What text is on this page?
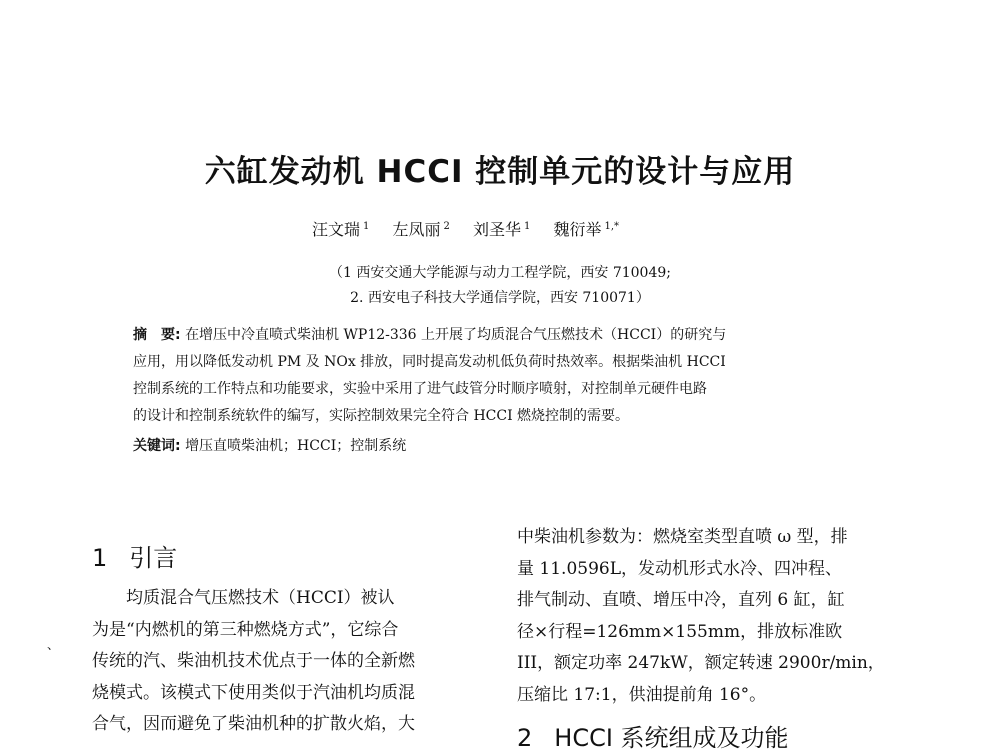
六缸发动机 HCCI 控制单元的设计与应用
汪文瑞 $^1$ 左凤丽 $^2$ 刘圣华 $^1$ 魏衍举 $^{1,*}$
（1 西安交通大学能源与动力工程学院，西安 710049;
2. 西安电子科技大学通信学院，西安 710071）
摘　要: 在增压中冷直喷式柴油机 WP12-336 上开展了均质混合气压燃技术（HCCI）的研究与
应用，用以降低发动机 PM 及 NOx 排放，同时提高发动机低负荷时热效率。根据柴油机 HCCI
控制系统的工作特点和功能要求，实验中采用了进气歧管分时顺序喷射，对控制单元硬件电路
的设计和控制系统软件的编写，实际控制效果完全符合 HCCI 燃烧控制的需要。
关键词: 增压直喷柴油机；HCCI；控制系统
、
1 引言
　　均质混合气压燃技术（HCCI）被认
为是“内燃机的第三种燃烧方式”，它综合
传统的汽、柴油机技术优点于一体的全新燃
烧模式。该模式下使用类似于汽油机均质混
合气，因而避免了柴油机种的扩散火焰，大
中柴油机参数为：燃烧室类型直喷 ω 型，排
量 11.0596L，发动机形式水冷、四冲程、
排气制动、直喷、增压中冷，直列 6 缸，缸
径×行程=126mm×155mm，排放标准欧
III，额定功率 247kW，额定转速 2900r/min，
压缩比 17:1，供油提前角 16°。
2 HCCI 系统组成及功能
